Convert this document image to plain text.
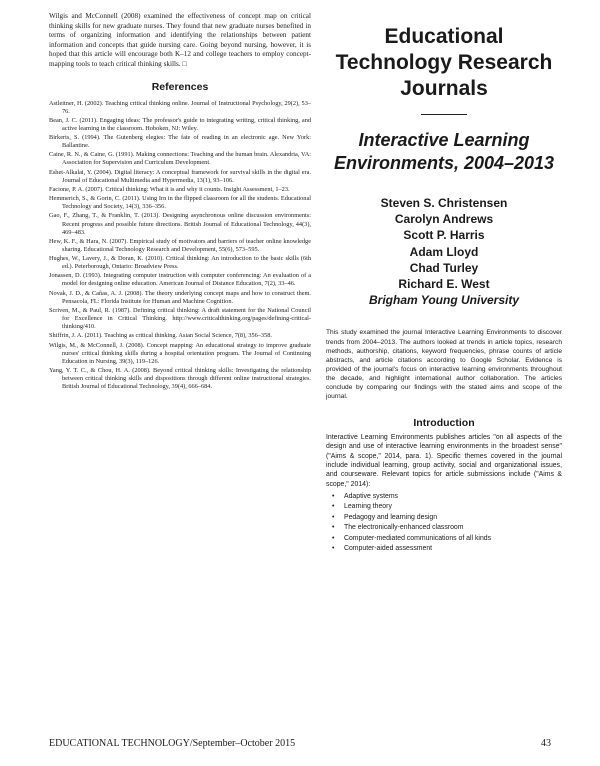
Wilgis and McConnell (2008) examined the effectiveness of concept map on critical thinking skills for new graduate nurses. They found that new graduate nurses benefited in terms of organizing information and identifying the relationships between patient information and concepts that guide nursing care. Going beyond nursing, however, it is hoped that this article will encourage both K–12 and college teachers to employ concept-mapping tools to teach critical thinking skills. □

References
Astleitner, H. (2002). Teaching critical thinking online. Journal of Instructional Psychology, 29(2), 53–76.
Bean, J. C. (2011). Engaging ideas: The professor's guide to integrating writing, critical thinking, and active learning in the classroom. Hoboken, NJ: Wiley.
Birkerts, S. (1994). The Gutenberg elegies: The fate of reading in an electronic age. New York: Ballantine.
Caine, R. N., & Caine, G. (1991). Making connections: Teaching and the human brain. Alexandria, VA: Association for Supervision and Curriculum Development.
Eshet-Alkalai, Y. (2004). Digital literacy: A conceptual framework for survival skills in the digital era. Journal of Educational Multimedia and Hypermedia, 13(1), 93–106.
Facione, P. A. (2007). Critical thinking: What it is and why it counts. Insight Assessment, 1–23.
Hemmerich, S., & Gorin, C. (2011). Using Irn in the flipped classroom for all the students. Educational Technology and Society, 14(3), 336–356.
Gao, F., Zhang, T., & Franklin, T. (2013). Designing asynchronous online discussion environments: Recent progress and possible future directions. British Journal of Educational Technology, 44(3), 469–483.
Hew, K. F., & Hara, N. (2007). Empirical study of motivators and barriers of teacher online knowledge sharing. Educational Technology Research and Development, 55(6), 573–595.
Hughes, W., Lavery, J., & Doran, K. (2010). Critical thinking: An introduction to the basic skills (6th ed.). Peterborough, Ontario: Broadview Press.
Jonassen, D. (1993). Integrating computer instruction with computer conferencing: An evaluation of a model for designing online education. American Journal of Distance Education, 7(2), 33–46.
Novak, J. D., & Cañas, A. J. (2008). The theory underlying concept maps and how to construct them. Pensacola, FL: Florida Institute for Human and Machine Cognition.
Scriven, M., & Paul, R. (1987). Defining critical thinking: A draft statement for the National Council for Excellence in Critical Thinking. http://www.criticalthinking.org/pages/defining-critical-thinking/410.
Shiffrin, J. A. (2011). Teaching as critical thinking. Asian Social Science, 7(8), 356–358.
Wilgis, M., & McConnell, J. (2008). Concept mapping: An educational strategy to improve graduate nurses' critical thinking skills during a hospital orientation program. The Journal of Continuing Education in Nursing, 39(3), 119–126.
Yang, Y. T. C., & Chou, H. A. (2008). Beyond critical thinking skills: Investigating the relationship between critical thinking skills and dispositions through different online instructional strategies. British Journal of Educational Technology, 39(4), 666–684.
Educational Technology Research Journals
Interactive Learning Environments, 2004–2013
Steven S. Christensen
Carolyn Andrews
Scott P. Harris
Adam Lloyd
Chad Turley
Richard E. West
Brigham Young University

This study examined the journal Interactive Learning Environments to discover trends from 2004–2013. The authors looked at trends in article topics, research methods, authorship, citations, keyword frequencies, phrase counts of article abstracts, and article citations according to Google Scholar. Evidence is provided of the journal's focus on interactive learning environments throughout the decade, and highlight international author collaboration. The articles conclude by comparing our findings with the stated aims and scope of the journal.

Introduction

Interactive Learning Environments publishes articles "on all aspects of the design and use of interactive learning environments in the broadest sense" ("Aims & scope," 2014, para. 1). Specific themes covered in the journal include individual learning, group activity, social and organizational issues, and courseware. Relevant topics for article submissions include ("Aims & scope," 2014):

• Adaptive systems
• Learning theory
• Pedagogy and learning design
• The electronically-enhanced classroom
• Computer-mediated communications of all kinds
• Computer-aided assessment
EDUCATIONAL TECHNOLOGY/September–October 2015	43
